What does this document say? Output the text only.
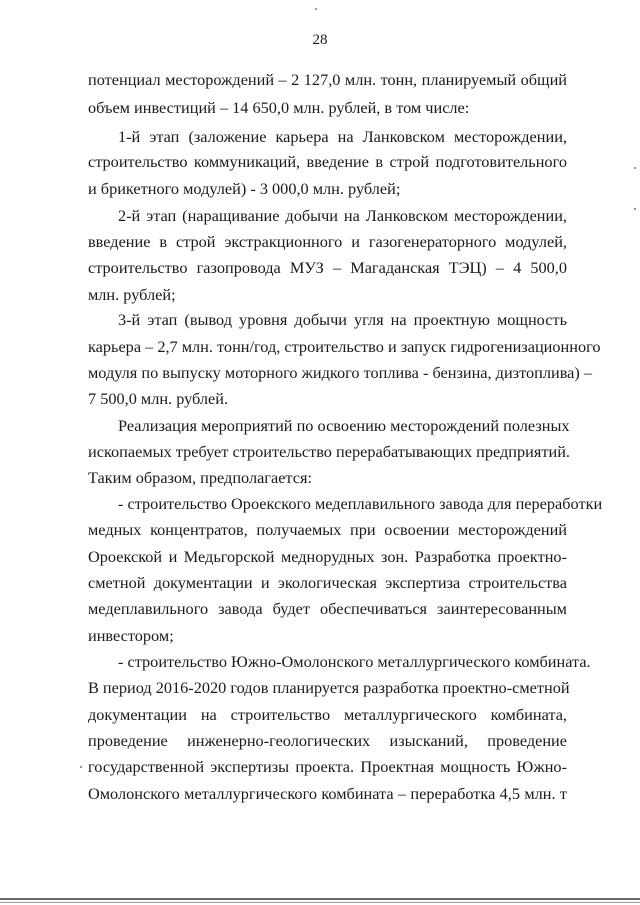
28
потенциал месторождений – 2 127,0 млн. тонн, планируемый общий
объем инвестиций – 14 650,0 млн. рублей, в том числе:
1-й этап (заложение карьера на Ланковском месторождении,
строительство коммуникаций, введение в строй подготовительного
и брикетного модулей) - 3 000,0 млн. рублей;
2-й этап (наращивание добычи на Ланковском месторождении,
введение в строй экстракционного и газогенераторного модулей,
строительство газопровода МУЗ – Магаданская ТЭЦ) – 4 500,0
млн. рублей;
3-й этап (вывод уровня добычи угля на проектную мощность
карьера – 2,7 млн. тонн/год, строительство и запуск гидрогенизационного
модуля по выпуску моторного жидкого топлива - бензина, дизтоплива) –
7 500,0 млн. рублей.
Реализация мероприятий по освоению месторождений полезных
ископаемых требует строительство перерабатывающих предприятий.
Таким образом, предполагается:
- строительство Ороекского медеплавильного завода для переработки
медных концентратов, получаемых при освоении месторождений
Ороекской и Медьгорской меднорудных зон. Разработка проектно-
сметной документации и экологическая экспертиза строительства
медеплавильного завода будет обеспечиваться заинтересованным
инвестором;
- строительство Южно-Омолонского металлургического комбината.
В период 2016-2020 годов планируется разработка проектно-сметной
документации на строительство металлургического комбината,
проведение инженерно-геологических изысканий, проведение
государственной экспертизы проекта. Проектная мощность Южно-
Омолонского металлургического комбината – переработка 4,5 млн. т
